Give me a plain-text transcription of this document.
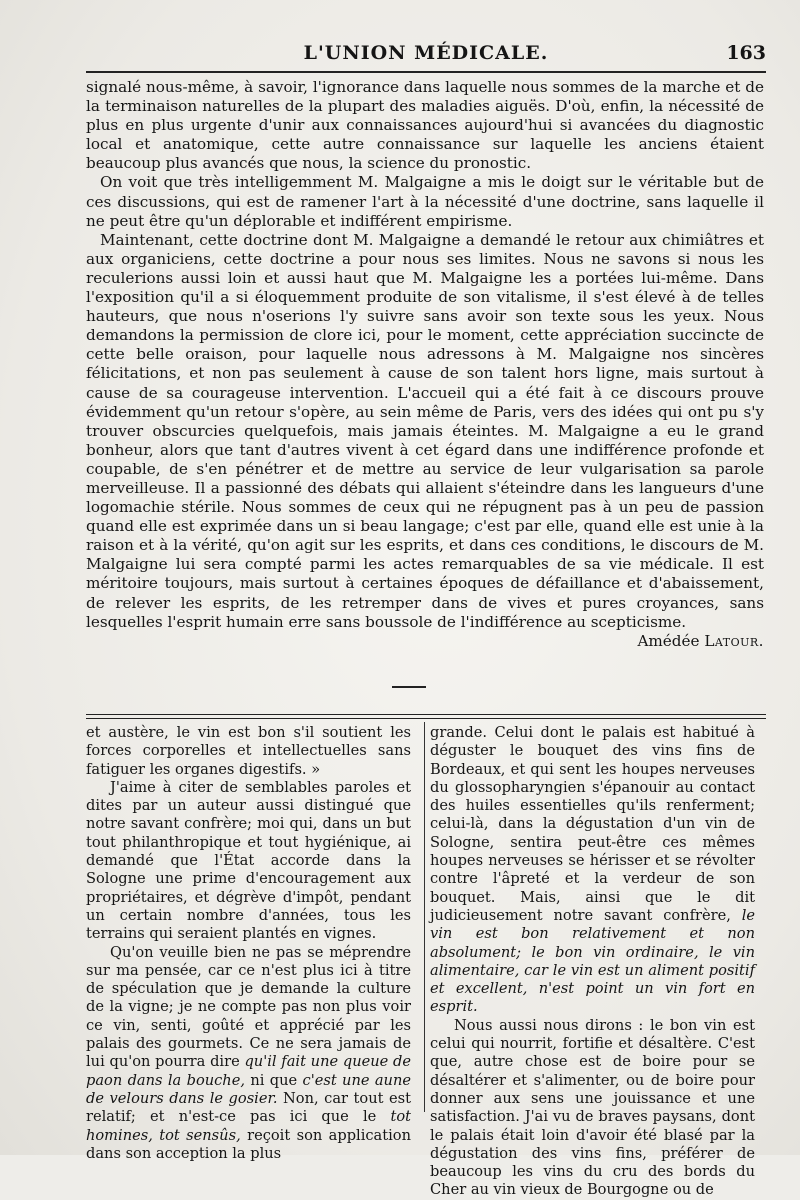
L'UNION MÉDICALE.	163

signalé nous-même, à savoir, l'ignorance dans laquelle nous sommes de la marche et de la terminaison naturelles de la plupart des maladies aiguës. D'où, enfin, la nécessité de plus en plus urgente d'unir aux connaissances aujourd'hui si avancées du diagnostic local et anatomique, cette autre connaissance sur laquelle les anciens étaient beaucoup plus avancés que nous, la science du pronostic.

On voit que très intelligemment M. Malgaigne a mis le doigt sur le véritable but de ces discussions, qui est de ramener l'art à la nécessité d'une doctrine, sans laquelle il ne peut être qu'un déplorable et indifférent empirisme.

Maintenant, cette doctrine dont M. Malgaigne a demandé le retour aux chimiâtres et aux organiciens, cette doctrine a pour nous ses limites. Nous ne savons si nous les reculerions aussi loin et aussi haut que M. Malgaigne les a portées lui-même. Dans l'exposition qu'il a si éloquemment produite de son vitalisme, il s'est élevé à de telles hauteurs, que nous n'oserions l'y suivre sans avoir son texte sous les yeux. Nous demandons la permission de clore ici, pour le moment, cette appréciation succincte de cette belle oraison, pour laquelle nous adressons à M. Malgaigne nos sincères félicitations, et non pas seulement à cause de son talent hors ligne, mais surtout à cause de sa courageuse intervention. L'accueil qui a été fait à ce discours prouve évidemment qu'un retour s'opère, au sein même de Paris, vers des idées qui ont pu s'y trouver obscurcies quelquefois, mais jamais éteintes. M. Malgaigne a eu le grand bonheur, alors que tant d'autres vivent à cet égard dans une indifférence profonde et coupable, de s'en pénétrer et de mettre au service de leur vulgarisation sa parole merveilleuse. Il a passionné des débats qui allaient s'éteindre dans les langueurs d'une logomachie stérile. Nous sommes de ceux qui ne répugnent pas à un peu de passion quand elle est exprimée dans un si beau langage; c'est par elle, quand elle est unie à la raison et à la vérité, qu'on agit sur les esprits, et dans ces conditions, le discours de M. Malgaigne lui sera compté parmi les actes remarquables de sa vie médicale. Il est méritoire toujours, mais surtout à certaines époques de défaillance et d'abaissement, de relever les esprits, de les retremper dans de vives et pures croyances, sans lesquelles l'esprit humain erre sans boussole de l'indifférence au scepticisme.

Amédée Latour.

et austère, le vin est bon s'il soutient les forces corporelles et intellectuelles sans fatiguer les organes digestifs. »

J'aime à citer de semblables paroles et dites par un auteur aussi distingué que notre savant confrère; moi qui, dans un but tout philanthropique et tout hygiénique, ai demandé que l'État accorde dans la Sologne une prime d'encouragement aux propriétaires, et dégrève d'impôt, pendant un certain nombre d'années, tous les terrains qui seraient plantés en vignes.

Qu'on veuille bien ne pas se méprendre sur ma pensée, car ce n'est plus ici à titre de spéculation que je demande la culture de la vigne; je ne compte pas non plus voir ce vin, senti, goûté et apprécié par les palais des gourmets. Ce ne sera jamais de lui qu'on pourra dire qu'il fait une queue de paon dans la bouche, ni que c'est une aune de velours dans le gosier. Non, car tout est relatif; et n'est-ce pas ici que le tot homines, tot sensûs, reçoit son application dans son acception la plus

grande. Celui dont le palais est habitué à déguster le bouquet des vins fins de Bordeaux, et qui sent les houpes nerveuses du glossopharyngien s'épanouir au contact des huiles essentielles qu'ils renferment; celui-là, dans la dégustation d'un vin de Sologne, sentira peut-être ces mêmes houpes nerveuses se hérisser et se révolter contre l'âpreté et la verdeur de son bouquet. Mais, ainsi que le dit judicieusement notre savant confrère, le vin est bon relativement et non absolument; le bon vin ordinaire, le vin alimentaire, car le vin est un aliment positif et excellent, n'est point un vin fort en esprit.

Nous aussi nous dirons : le bon vin est celui qui nourrit, fortifie et désaltère. C'est que, autre chose est de boire pour se désaltérer et s'alimenter, ou de boire pour donner aux sens une jouissance et une satisfaction. J'ai vu de braves paysans, dont le palais était loin d'avoir été blasé par la dégustation des vins fins, préférer de beaucoup les vins du cru des bords du Cher au vin vieux de Bourgogne ou de
